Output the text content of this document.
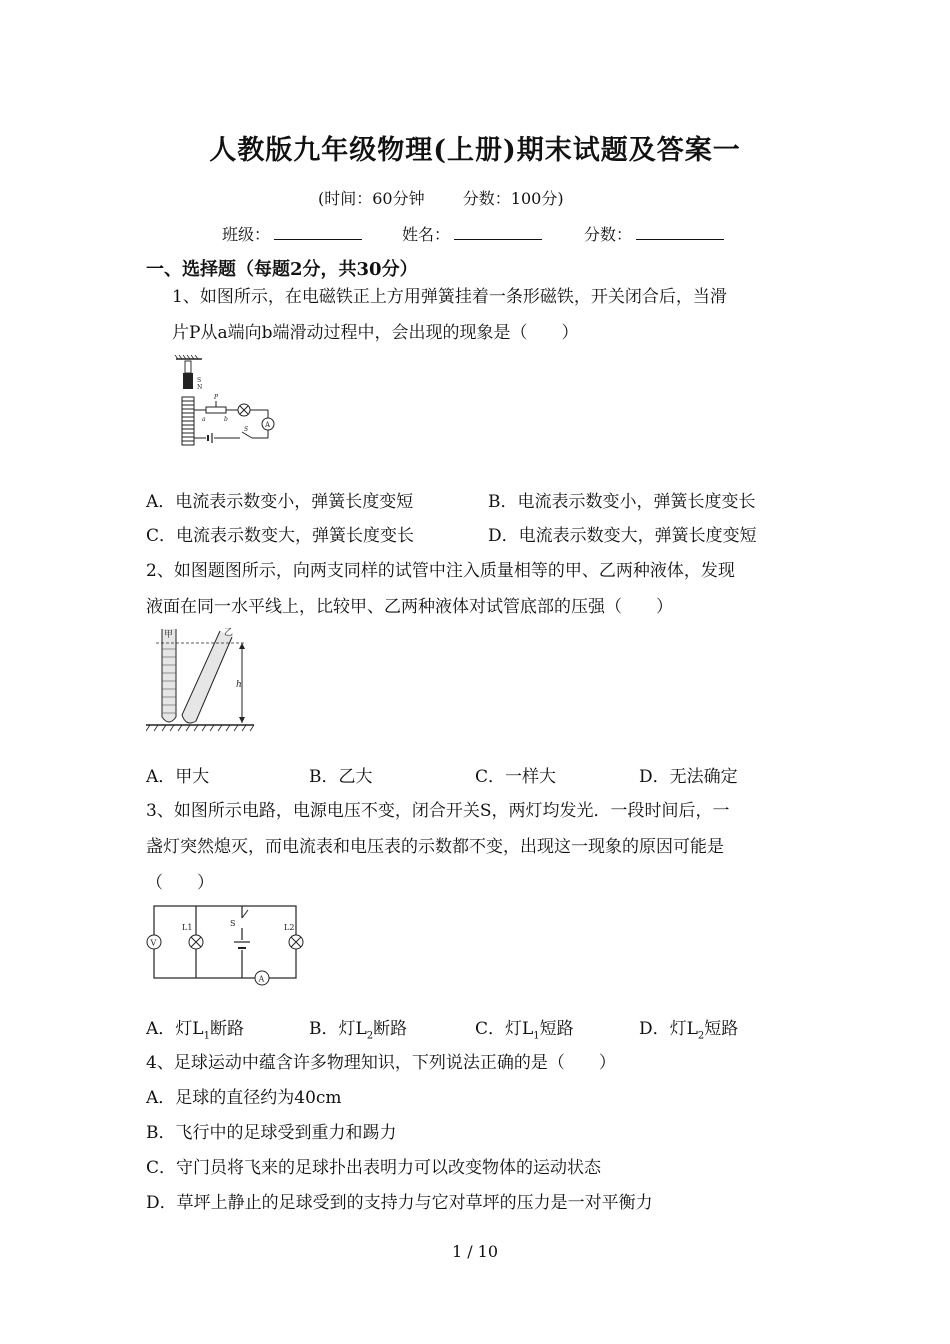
人教版九年级物理(上册)期末试题及答案一
(时间：60分钟 分数：100分)
班级：	姓名：	分数：
一、选择题（每题2分，共30分）
1、如图所示，在电磁铁正上方用弹簧挂着一条形磁铁，开关闭合后，当滑
片P从a端向b端滑动过程中，会出现的现象是（　　）
S
N
P
a	b
A
S
A．电流表示数变小，弹簧长度变短	B．电流表示数变小，弹簧长度变长
C．电流表示数变大，弹簧长度变长	D．电流表示数变大，弹簧长度变短
2、如图题图所示，向两支同样的试管中注入质量相等的甲、乙两种液体，发现
液面在同一水平线上，比较甲、乙两种液体对试管底部的压强（　　）
甲	乙
h
A．甲大	B．乙大	C．一样大	D．无法确定
3、如图所示电路，电源电压不变，闭合开关S，两灯均发光．一段时间后，一
盏灯突然熄灭，而电流表和电压表的示数都不变，出现这一现象的原因可能是
（　　）
V
L1	S	L2
A
A．灯$L_1$断路	B．灯$L_2$断路	C．灯$L_1$短路	D．灯$L_2$短路
4、足球运动中蕴含许多物理知识，下列说法正确的是（　　）
A．足球的直径约为40cm
B．飞行中的足球受到重力和踢力
C．守门员将飞来的足球扑出表明力可以改变物体的运动状态
D．草坪上静止的足球受到的支持力与它对草坪的压力是一对平衡力
1 / 10
